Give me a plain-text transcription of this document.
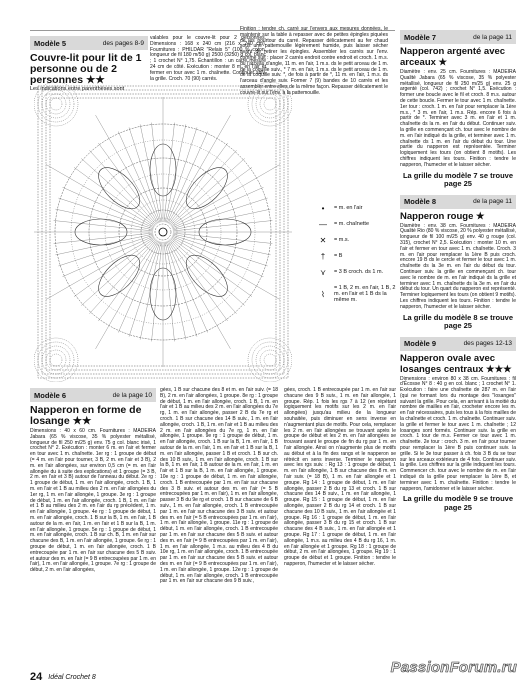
Modèle 5	des pages 8-9
Couvre-lit pour lit de 1 personne ou de 2 personnes ★★
Les indications entre parenthèses sont
valables pour le couvre-lit pour 2 personnes. Dimensions : 168 x 240 cm (216 x 240 cm). Fournitures : PHILDAR "Relais 5" (100 % coton, longueur de fil 180 m/50 g) 2500 (3250) g col. blanc ; 1 crochet N° 1,75. Échantillon : un carré mesure 24 cm de côté. Exécution : monter 8 m. en l'air et fermer en tour avec 1 m. chaînette. Continuer suiv. la grille. Croch. 70 (90) carrés.
Finition : tendre ch. carré sur l'envers aux mesures données, le maintenir sur la table à repasser avec de petites épingles piquées de les pourtour du carré. Repasser délicatement au fer chaud sous une pattemouille légèrement humide, puis laisser sécher avant de retirer les épingles. Assembler les carrés sur l'env. comme suit : placer 2 carrés endroit contre endroit et croch. 1 m.s. du l'arceau d'angle, 11 m. en l'air, 1 m.s. ds le petit arceau de 1 m. de la coquille suiv., * 7 m. en l'air, 1 m.s. ds le petit arceau de 1 m. de la coquille suiv. *, de fois à partir de *, 11 m. en l'air, 1 m.s. ds l'arceau d'angle suiv. Former 7 (9) bandes de 10 carrés et les assembler entre elles de la même façon. Repasser délicatement le couvre-lit sur l'env. à la pattemouille.
•	= m. en l'air
—	= m. chaînette
✕	= m.s.
†	= B
⋎	= 3 B croch. ds 1 m.
⌇
= 1 B, 2 m. en l'air, 1 B, 2 m. en l'air et 1 B ds la même m.
Modèle 7	de la page 11
Napperon argenté avec arceaux ★
Diamètre : env. 25 cm. Fournitures : MADEIRA Qualité Jabara (65 % viscose, 35 % polyester métallisé, longueur de fil 250 m/25 g) env. 25 g argenté (col. 742) ; crochet N° 1,5. Exécution : former une boucle avec le fil et croch. 8 m.s. autour de cette boucle. Fermer le tour avec 1 m. chaînette. 1er tour : croch. 1 m. en l'air pour remplacer la 1ère m.s., * 3 m. en l'air, 1 m.s. Rép. encore 6 fois à partir de *. Terminer avec 3 m. en l'air et 1 m. chaînette ds la m. en l'air du début. Continuer suiv. la grille en commençant ch. tour avec le nombre de m. en l'air indiqué ds la grille, et terminer avec 1 m. chaînette ds 1 m. en l'air du début du tour. Une partie du napperon est représentée. Terminer logiquement les tours (on obtient 8 motifs). Les chiffres indiquent les tours. Finition : tendre le napperon, l'humecter et le laisser sécher.
La grille du modèle 7 se trouve page 25
Modèle 8	de la page 11
Napperon rouge ★
Diamètre : env. 38 cm. Fournitures : MADEIRA Qualité Rio (80 % viscose, 20 % polyester métallisé, longueur de fil 100 m/25 g) env. 40 g rouge (col. 315), crochet N° 2,5. Exécution : monter 10 m. en l'air et fermer en tour avec 1 m. chaînette. Croch. 3 m. en l'air pour remplacer la 1ère B puis croch. encore 19 B ds le cercle et fermer le tour avec 1 m. chaînette ds la 3e m. en l'air du début du tour. Continuer suiv. la grille en commençant ch. tour avec le nombre de m. en l'air indiqué ds la grille et terminer avec 1 m. chaînette ds la 3e m. en l'air du début du tour. Un quart du napperon est représenté. Terminer logiquement les tours (on obtient 9 motifs). Les chiffres indiquent les tours. Finition : tendre le napperon, l'humecter et le laisser sécher.
La grille du modèle 8 se trouve page 25
Modèle 9	des pages 12-13
Napperon ovale avec losanges centraux ★★★
Dimensions : environ 80 x 38 cm. Fournitures : fil d'Écosse N° 8 : 40 g en col. blanc ; 1 crochet N° 1. Exécution : faire une chaînette de 287 m. en l'air (qui ne formant lors du montage des "losanges" suivant la grille. Pour cela, en arrivant à la moitié du nombre de mailles en l'air, crocheter encore les m. en l'air nécessaires, puis les tous à la fois mailles de la chaînette et croch. 1 m. chaînette. Continuer suiv. la grille et fermer le tour avec 1 m. chaînette ; 12 losanges sont formés. Continuer suiv. la grille en croch. 1 tour de m.s. Fermer ce tour avec 1 m. chaînette. 2e tour : croch. 3 m. en l'air pour tourner pour remplacer la 1ère B puis continuer suiv. la grille. Si le 3e tour passer à ch. fois 3 B du se tour sur les arceaux extérieurs de 4 fois. Continuer suiv. la grille. Les chiffres sur la grille indiquent les tours. Commencer ch. tour avec le nombre de m. en l'air indiqué ds la grille pour remplacer la 1ère B, et terminer avec 1 m. chaînette. Finition : tendre le napperon, l'amidonner et le laisser sécher.
La grille du modèle 9 se trouve page 25
Modèle 6	de la page 10
Napperon en forme de losange ★★
Dimensions : 40 x 60 cm. Fournitures : MADEIRA Jabara (65 % viscose, 35 % polyester métallisé, longueur de fil 250 m/25 g) env. 75 g col. blanc irisé, 1 crochet N° 2. Exécution : monter 6 m. en l'air et fermer en tour avec 1 m. chaînette. 1er rg : 1 groupe de début (= 4 m. en l'air pour tourner, 3 B, 2 m. en l'air et 3 B), 2 m. en l'air allongées, sur environ 0,5 cm (= m. en l'air allongée du à suite des explications) et 1 groupe (= 3 B, 2 m. en l'air et 3 B) autour de l'anneau du début. 2e rg : 1 groupe de début, 1 m. en l'air allongée, croch. 1 B, 1 m. en l'air et 1 B au milieu des 2 m. en l'air allongées du 1er rg, 1 m. en l'air allongée, 1 groupe. 3e rg : 1 groupe de début, 1 m. en l'air allongée, croch. 1 B, 1 m. en l'air et 1 B au milieu des 2 m. en l'air du rg précédent, 1 m. en l'air allongée, 1 groupe. 4e rg : 1 groupe de début, 1 m. en l'air allongée, croch. 1 B sur la B, 1 m. en l'air, 1 B autour de la m. en l'air, 1 m. en l'air et 1 B sur la B, 1 m. en l'air allongée, 1 groupe. 5e rg : 1 groupe de début, 1 m. en l'air allongée, croch. 1 B sur ch. B, 1 m. en l'air sur chacune des B, 1 m. en l'air allongée, 1 groupe. 6e rg : 1 groupe de début, 1 m. en l'air allongée, croch. 1 B entrecoupée par 1 m. en l'air sur chacune des 5 B suiv. et autour des m. en l'air (= 9 B entrecoupées par 1 m. en l'air), 1 m. en l'air allongée, 1 groupe. 7e rg : 1 groupe de début, 2 m. en l'air allongées,
gées, 1 B sur chacune des 8 et m. en l'air suiv. (= 18 B), 2 m. en l'air allongées, 1 groupe. 8e rg : 1 groupe de début, 1 m. en l'air allongée, croch. 1 B, 1 m. en l'air et 1 B au milieu des 2 m. en l'air allongées du 7e rg, 1 m. en l'air allongée, passer 2 B du 7e rg et croch. 1 B sur chacune des 14 B suiv., 1 m. en l'air allongée, croch. 1 B, 1 m. en l'air et 1 B au milieu des 2 m. en l'air allongées du 7e rg, 1 m. en l'air allongée, 1 groupe. 9e rg : 1 groupe de début, 1 m. en l'air allongée, croch. 1 B sur la B, 1 m. en l'air, 1 B autour de la m. en l'air, 1 m. en l'air et 1 B sur la B, 1 m. en l'air allongée, passer 1 B et croch. 1 B sur ch. des 10 B suiv., 1 m. en l'air allongée, croch. 1 B sur la B, 1 m. en l'air, 1 B autour de la m. en l'air, 1 m. en l'air et 1 B sur la B, 1 m. en l'air allongée, 1 groupe. 10e rg : 1 groupe de début, 1 m. en l'air allongée, croch. 1 B entrecoupée par 1 m. en l'air sur chacune des 3 B suiv. et autour des m. en l'air (= 5 B entrecoupées par 1 m. en l'air), 1 m. en l'air allongée, passer 3 B du 9e rg et croch. 1 B sur chacune de 6 B suiv., 1 m. en l'air allongée, croch. 1 B entrecoupée par 1 m. en l'air sur chacune des 3 B suiv. et autour des m. en l'air (= 5 B entrecoupées par 1 m. en l'air), 1 m. en l'air allongée, 1 groupe. 11e rg : 1 groupe de début, 1 m. en l'air allongée, croch. 1 B entrecoupée par 1 m. en l'air sur chacune des 5 B suiv. et autour des m. en l'air (= 9 B entrecoupées par 1 m. en l'air), 1 m. en l'air allongée, 1 m.s. au milieu des 4 B du 10e rg, 1 m. en l'air allongée, croch. 1 B entrecoupée par 1 m. en l'air sur chacune des 5 B suiv. et autour des m. en l'air (= 9 B entrecoupées par 1 m. en l'air), 1 m. en l'air allongée, 1 groupe. 12e rg : 1 groupe de début, 1 m. en l'air allongée, croch. 1 B entrecoupée par 1 m. en l'air sur chacune des 9 B suiv.,
gées, croch. 1 B entrecoupée par 1 m. en l'air sur chacune des 9 B suiv., 1 m. en l'air allongée, 1 groupe. Rép. 1 fois les rgs 7 à 12 (en répétant logiquement les motifs sur les 2 m. en l'air allongées) jusqu'au milieu de la longueur souhaitée, puis diminuer en sens inverse en n'augmentant plus de motifs. Pour cela, remplacer les 2 m. en l'air allongées se trouvant après le groupe de début et les 2 m. en l'air allongées se trouvant avant le groupe de fin du rg par 1 m. en l'air allongée. Ainsi on n'augmente plus de motifs au début et à la fin des rangs et le napperon se rétrécit en sens inverse. Terminer le napperon avec les rgs suiv. : Rg 13 : 1 groupe de début, 1 m. en l'air allongée, 1 B sur chacune des 8 m. en l'air suiv. (= 18 B), 1 m. en l'air allongée et 1 groupe. Rg 14 : 1 groupe de début, 1 m. en l'air allongée, passer 2 B du rg 13 et croch. 1 B sur chacune des 14 B suiv., 1 m. en l'air allongée, 1 groupe. Rg 15 : 1 groupe de début, 1 m. en l'air allongée, passer 2 B du rg 14 et croch. 1 B sur chacune des 10 B suiv., 1 m. en l'air allongée et 1 groupe. Rg 16 : 1 groupe de début, 1 m. en l'air allongée, passer 3 B du rg 15 et croch. 1 B sur chacune des 4 B suiv., 1 m. en l'air allongée et 1 groupe. Rg 17 : 1 groupe de début, 1 m. en l'air allongée, 1 m.s. au milieu des 4 B du rg 16, 1 m. en l'air allongée et 1 groupe. Rg 18 : 1 groupe de début, 2 m. en l'air allongées, 1 groupe. Rg 19 : 1 groupe de début et 1 groupe. Finition : tendre le napperon, l'humecter et le laisser sécher.
24 Idéal Crochet 8
PassionForum.ru
